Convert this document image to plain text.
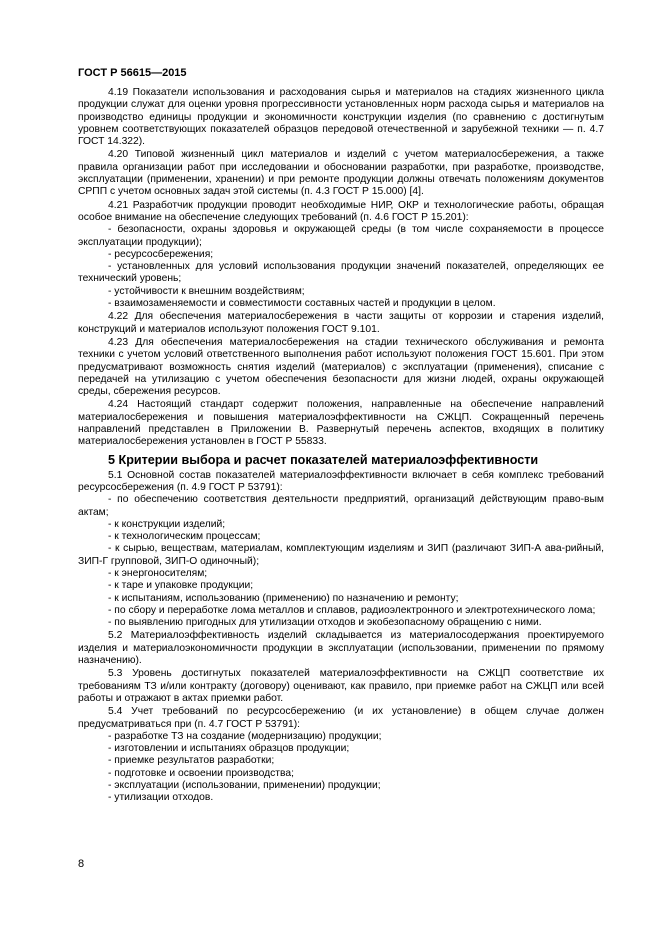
ГОСТ Р 56615—2015

4.19 Показатели использования и расходования сырья и материалов на стадиях жизненного цикла продукции служат для оценки уровня прогрессивности установленных норм расхода сырья и материалов на производство единицы продукции и экономичности конструкции изделия (по сравнению с достигнутым уровнем соответствующих показателей образцов передовой отечественной и зарубежной техники — п. 4.7 ГОСТ 14.322).

4.20 Типовой жизненный цикл материалов и изделий с учетом материалосбережения, а также правила организации работ при исследовании и обосновании разработки, при разработке, производстве, эксплуатации (применении, хранении) и при ремонте продукции должны отвечать положениям документов СРПП с учетом основных задач этой системы (п. 4.3 ГОСТ Р 15.000) [4].

4.21 Разработчик продукции проводит необходимые НИР, ОКР и технологические работы, обращая особое внимание на обеспечение следующих требований (п. 4.6 ГОСТ Р 15.201):

- безопасности, охраны здоровья и окружающей среды (в том числе сохраняемости в процессе эксплуатации продукции);

- ресурсосбережения;

- установленных для условий использования продукции значений показателей, определяющих ее технический уровень;

- устойчивости к внешним воздействиям;

- взаимозаменяемости и совместимости составных частей и продукции в целом.

4.22 Для обеспечения материалосбережения в части защиты от коррозии и старения изделий, конструкций и материалов используют положения ГОСТ 9.101.

4.23 Для обеспечения материалосбережения на стадии технического обслуживания и ремонта техники с учетом условий ответственного выполнения работ используют положения ГОСТ 15.601. При этом предусматривают возможность снятия изделий (материалов) с эксплуатации (применения), списание с передачей на утилизацию с учетом обеспечения безопасности для жизни людей, охраны окружающей среды, сбережения ресурсов.

4.24 Настоящий стандарт содержит положения, направленные на обеспечение направлений материалосбережения и повышения материалоэффективности на СЖЦП. Сокращенный перечень направлений представлен в Приложении В. Развернутый перечень аспектов, входящих в политику материалосбережения установлен в ГОСТ Р 55833.

5 Критерии выбора и расчет показателей материалоэффективности

5.1 Основной состав показателей материалоэффективности включает в себя комплекс требований ресурсосбережения (п. 4.9 ГОСТ Р 53791):

- по обеспечению соответствия деятельности предприятий, организаций действующим право-вым актам;

- к конструкции изделий;

- к технологическим процессам;

- к сырью, веществам, материалам, комплектующим изделиям и ЗИП (различают ЗИП-А ава-рийный, ЗИП-Г групповой, ЗИП-О одиночный);

- к энергоносителям;

- к таре и упаковке продукции;

- к испытаниям, использованию (применению) по назначению и ремонту;

- по сбору и переработке лома металлов и сплавов, радиоэлектронного и электротехнического лома;

- по выявлению пригодных для утилизации отходов и экобезопасному обращению с ними.

5.2 Материалоэффективность изделий складывается из материалосодержания проектируемого изделия и материалоэкономичности продукции в эксплуатации (использовании, применении по прямому назначению).

5.3 Уровень достигнутых показателей материалоэффективности на СЖЦП соответствие их требованиям ТЗ и/или контракту (договору) оценивают, как правило, при приемке работ на СЖЦП или всей работы и отражают в актах приемки работ.

5.4 Учет требований по ресурсосбережению (и их установление) в общем случае должен предусматриваться при (п. 4.7 ГОСТ Р 53791):

- разработке ТЗ на создание (модернизацию) продукции;

- изготовлении и испытаниях образцов продукции;

- приемке результатов разработки;

- подготовке и освоении производства;

- эксплуатации (использовании, применении) продукции;

- утилизации отходов.

8
